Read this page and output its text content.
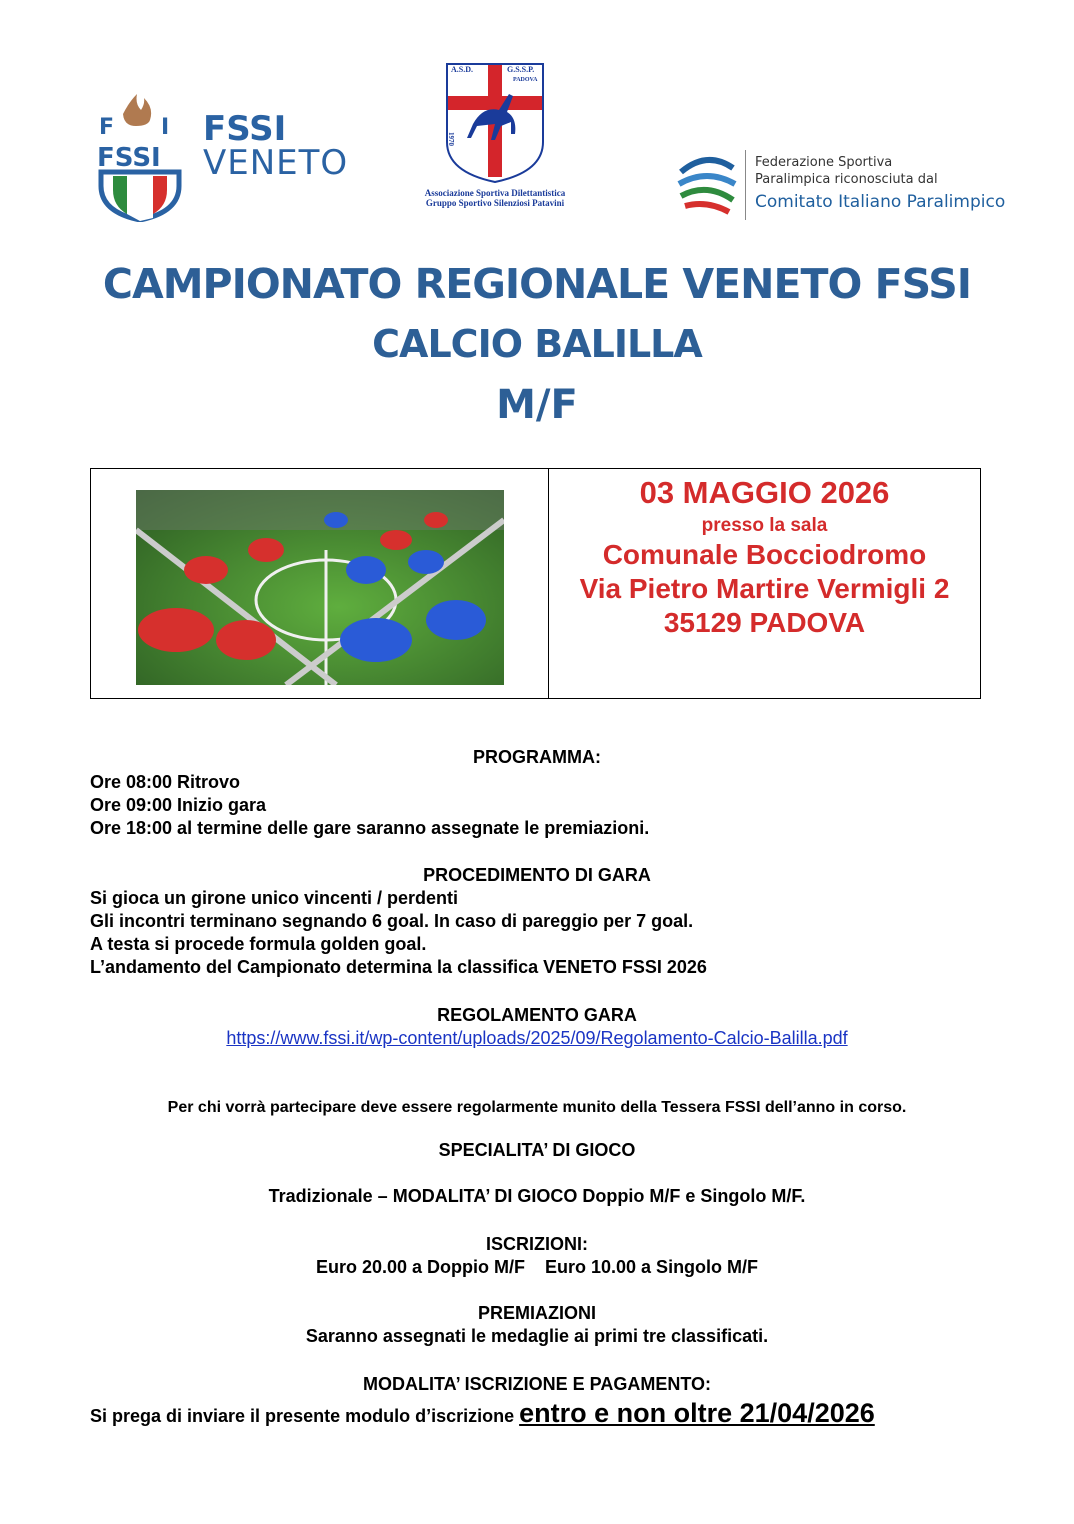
F I
FSSI
FSSI
VENETO
A.S.D.	G.S.S.P.
PADOVA
1970
Associazione Sportiva Dilettantistica
Gruppo Sportivo Silenziosi Patavini
Federazione Sportiva
Paralimpica riconosciuta dal
Comitato Italiano Paralimpico
CAMPIONATO REGIONALE VENETO FSSI
CALCIO BALILLA
M/F
03 MAGGIO 2026
presso la sala
Comunale Bocciodromo
Via Pietro Martire Vermigli 2
35129 PADOVA
PROGRAMMA:
Ore 08:00 Ritrovo
Ore 09:00 Inizio gara
Ore 18:00 al termine delle gare saranno assegnate le premiazioni.
PROCEDIMENTO DI GARA
Si gioca un girone unico vincenti / perdenti
Gli incontri terminano segnando 6 goal. In caso di pareggio per 7 goal.
A testa si procede formula golden goal.
L’andamento del Campionato determina la classifica VENETO FSSI 2026
REGOLAMENTO GARA
https://www.fssi.it/wp-content/uploads/2025/09/Regolamento-Calcio-Balilla.pdf
Per chi vorrà partecipare deve essere regolarmente munito della Tessera FSSI dell’anno in corso.
SPECIALITA’ DI GIOCO
Tradizionale – MODALITA’ DI GIOCO Doppio M/F e Singolo M/F.
ISCRIZIONI:
Euro 20.00 a Doppio M/F Euro 10.00 a Singolo M/F
PREMIAZIONI
Saranno assegnati le medaglie ai primi tre classificati.
MODALITA’ ISCRIZIONE E PAGAMENTO:
Si prega di inviare il presente modulo d’iscrizione entro e non oltre 21/04/2026
